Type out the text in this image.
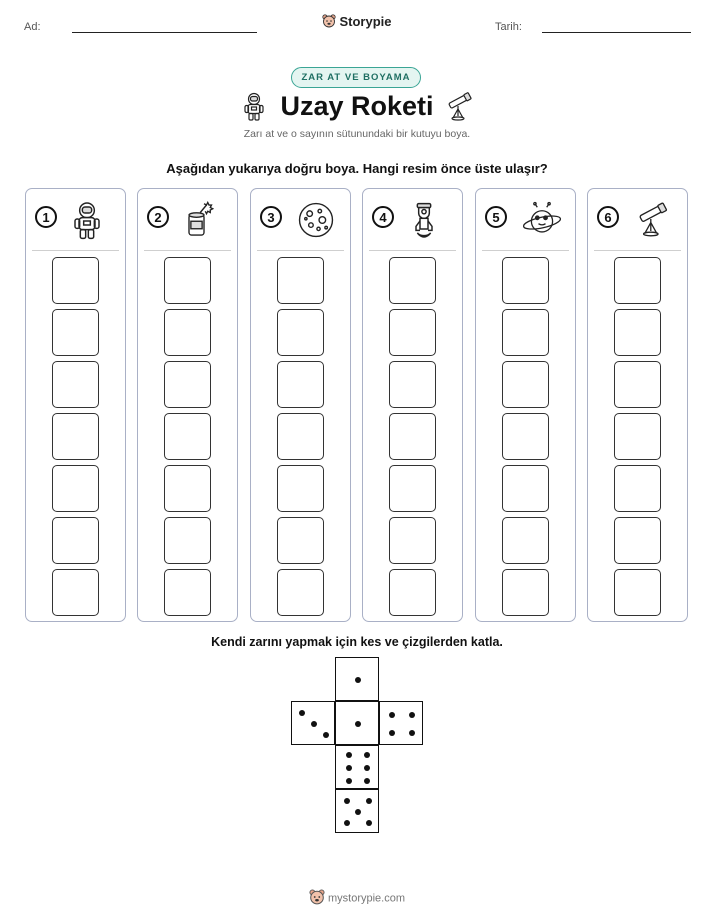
Ad:	Tarih:
Storypie
ZAR AT VE BOYAMA
Uzay Roketi
Zarı at ve o sayının sütunundaki bir kutuyu boya.
Aşağıdan yukarıya doğru boya. Hangi resim önce üste ulaşır?
1	2	3	4	5	6
Kendi zarını yapmak için kes ve çizgilerden katla.
mystorypie.com
